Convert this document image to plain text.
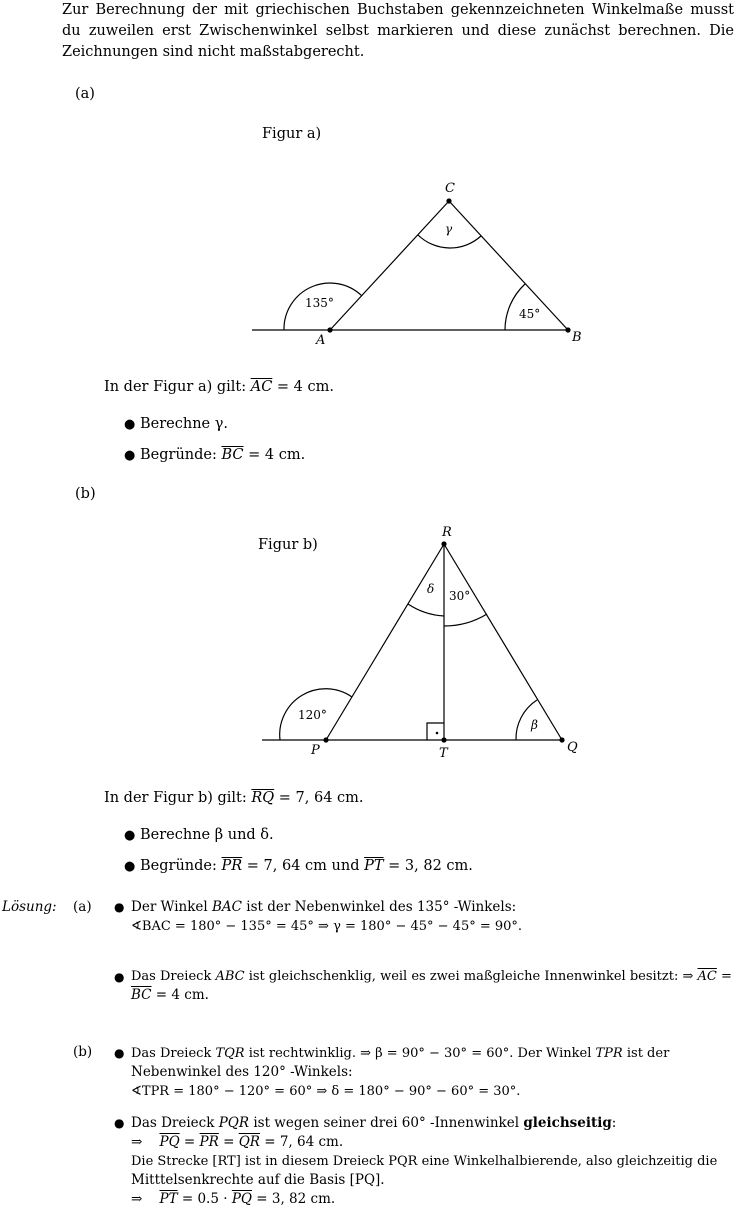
Zur Berechnung der mit griechischen Buchstaben gekennzeichneten Winkelmaße musst du zuweilen erst Zwischenwinkel selbst markieren und diese zunächst berechnen. Die Zeichnungen sind nicht maßstabgerecht.
(a)
Figur a)
C
A	B
γ
135°
45°
R
P	T	Q
δ 30°
120°
β
In der Figur a) gilt: $\overline{AC} = 4$ cm.
● Berechne γ.
● Begründe: $\overline{BC} = 4$ cm.
(b)
Figur b)
In der Figur b) gilt: $\overline{RQ} = 7$, 64 cm.
● Berechne β und δ.
● Begründe: $\overline{PR} = 7$, 64 cm und $\overline{PT} = 3$, 82 cm.
Lösung: (a) ● Der Winkel BAC ist der Nebenwinkel des 135° -Winkels:
∢BAC = 180° − 135° = 45° ⇒ γ = 180° − 45° − 45° = 90°.
● Das Dreieck ABC ist gleichschenklig, weil es zwei maßgleiche Innenwinkel besitzt: ⇒ $\overline{AC}$ =
$\overline{BC} = 4$ cm.
(b) ● Das Dreieck TQR ist rechtwinklig. ⇒ β = 90° − 30° = 60°. Der Winkel TPR ist der
Nebenwinkel des 120° -Winkels:
∢TPR = 180° − 120° = 60° ⇒ δ = 180° − 90° − 60° = 30°.
● Das Dreieck PQR ist wegen seiner drei 60° -Innenwinkel gleichseitig:
⇒ $\overline{PQ} = \overline{PR} = \overline{QR} = 7$, 64 cm.
Die Strecke [RT] ist in diesem Dreieck PQR eine Winkelhalbierende, also gleichzeitig die
Mitttelsenkrechte auf die Basis [PQ].
⇒ $\overline{PT} = 0.5 \cdot \overline{PQ} = 3$, 82 cm.
